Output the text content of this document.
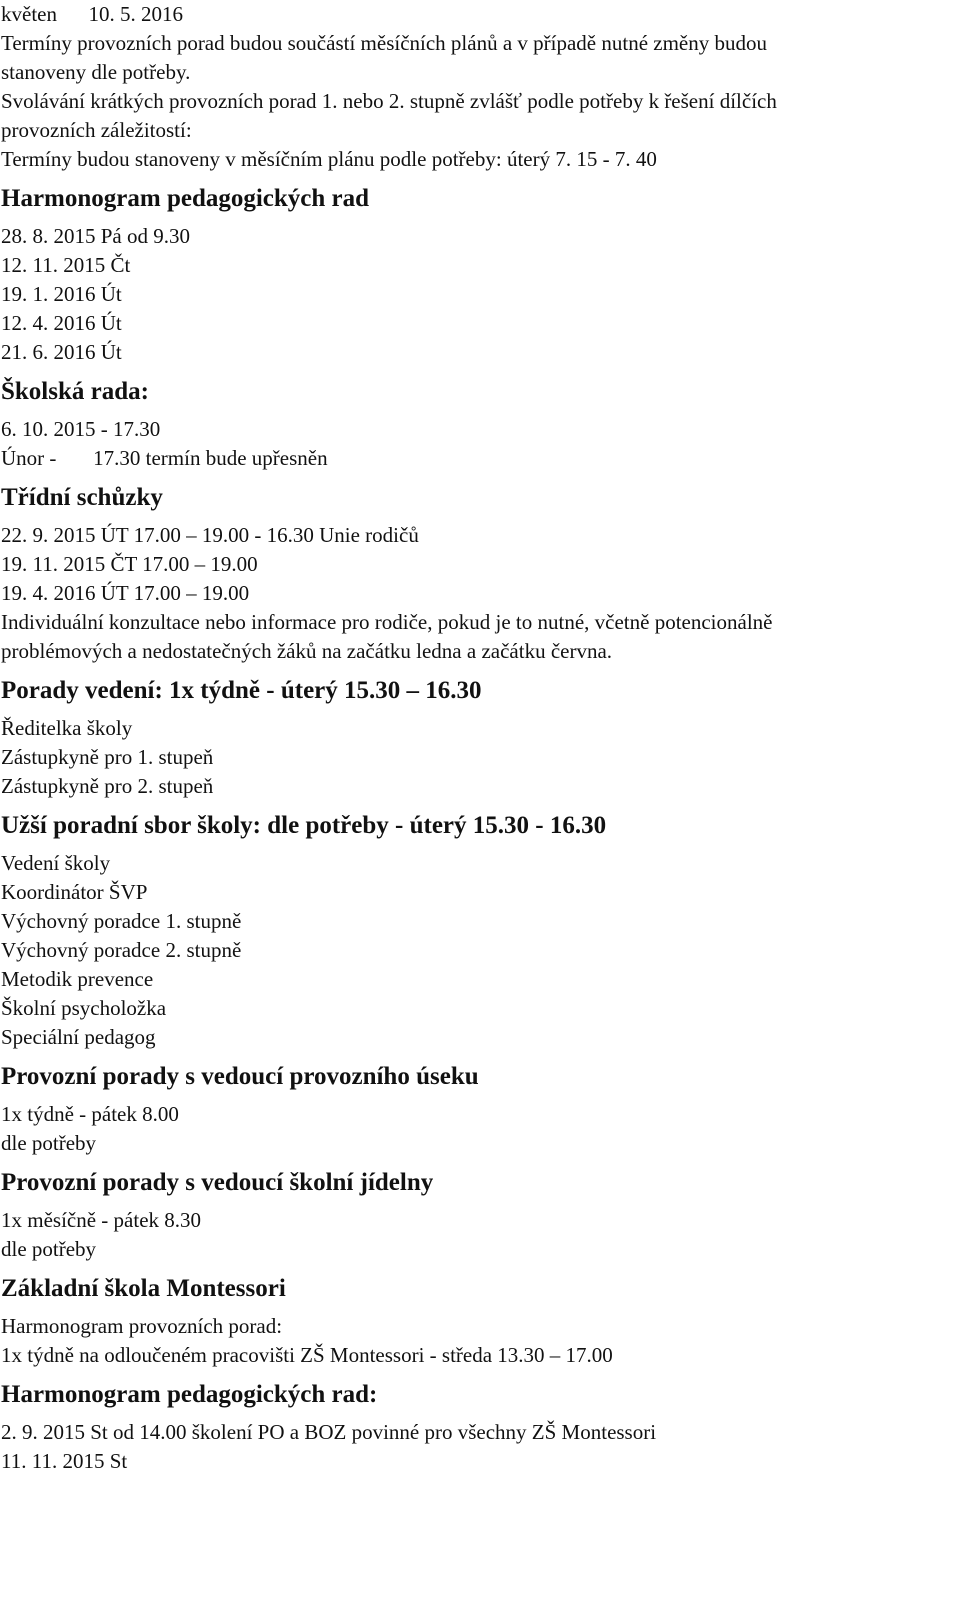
květen      10. 5. 2016

Termíny provozních porad budou součástí měsíčních plánů a v případě nutné změny budou

stanoveny dle potřeby.

Svolávání krátkých provozních porad 1. nebo 2. stupně zvlášť podle potřeby k řešení dílčích

provozních záležitostí:

Termíny budou stanoveny v měsíčním plánu podle potřeby: úterý 7. 15 - 7. 40

Harmonogram pedagogických rad

28. 8. 2015 Pá od 9.30

12. 11. 2015 Čt

19. 1. 2016 Út

12. 4. 2016 Út

21. 6. 2016 Út

Školská rada:

6. 10. 2015 - 17.30

Únor -       17.30 termín bude upřesněn

Třídní schůzky

22. 9. 2015 ÚT 17.00 – 19.00 - 16.30 Unie rodičů

19. 11. 2015 ČT 17.00 – 19.00

19. 4. 2016 ÚT 17.00 – 19.00

Individuální konzultace nebo informace pro rodiče, pokud je to nutné, včetně potencionálně

problémových a nedostatečných žáků na začátku ledna a začátku června.

Porady vedení: 1x týdně - úterý 15.30 – 16.30

Ředitelka školy

Zástupkyně pro 1. stupeň

Zástupkyně pro 2. stupeň

Užší poradní sbor školy: dle potřeby - úterý 15.30 - 16.30

Vedení školy

Koordinátor ŠVP

Výchovný poradce 1. stupně

Výchovný poradce 2. stupně

Metodik prevence

Školní psycholožka

Speciální pedagog

Provozní porady s vedoucí provozního úseku

1x týdně - pátek 8.00

dle potřeby

Provozní porady s vedoucí školní jídelny

1x měsíčně - pátek 8.30

dle potřeby

Základní škola Montessori

Harmonogram provozních porad:

1x týdně na odloučeném pracovišti ZŠ Montessori - středa 13.30 – 17.00

Harmonogram pedagogických rad:

2. 9. 2015 St od 14.00 školení PO a BOZ povinné pro všechny ZŠ Montessori

11. 11. 2015 St
